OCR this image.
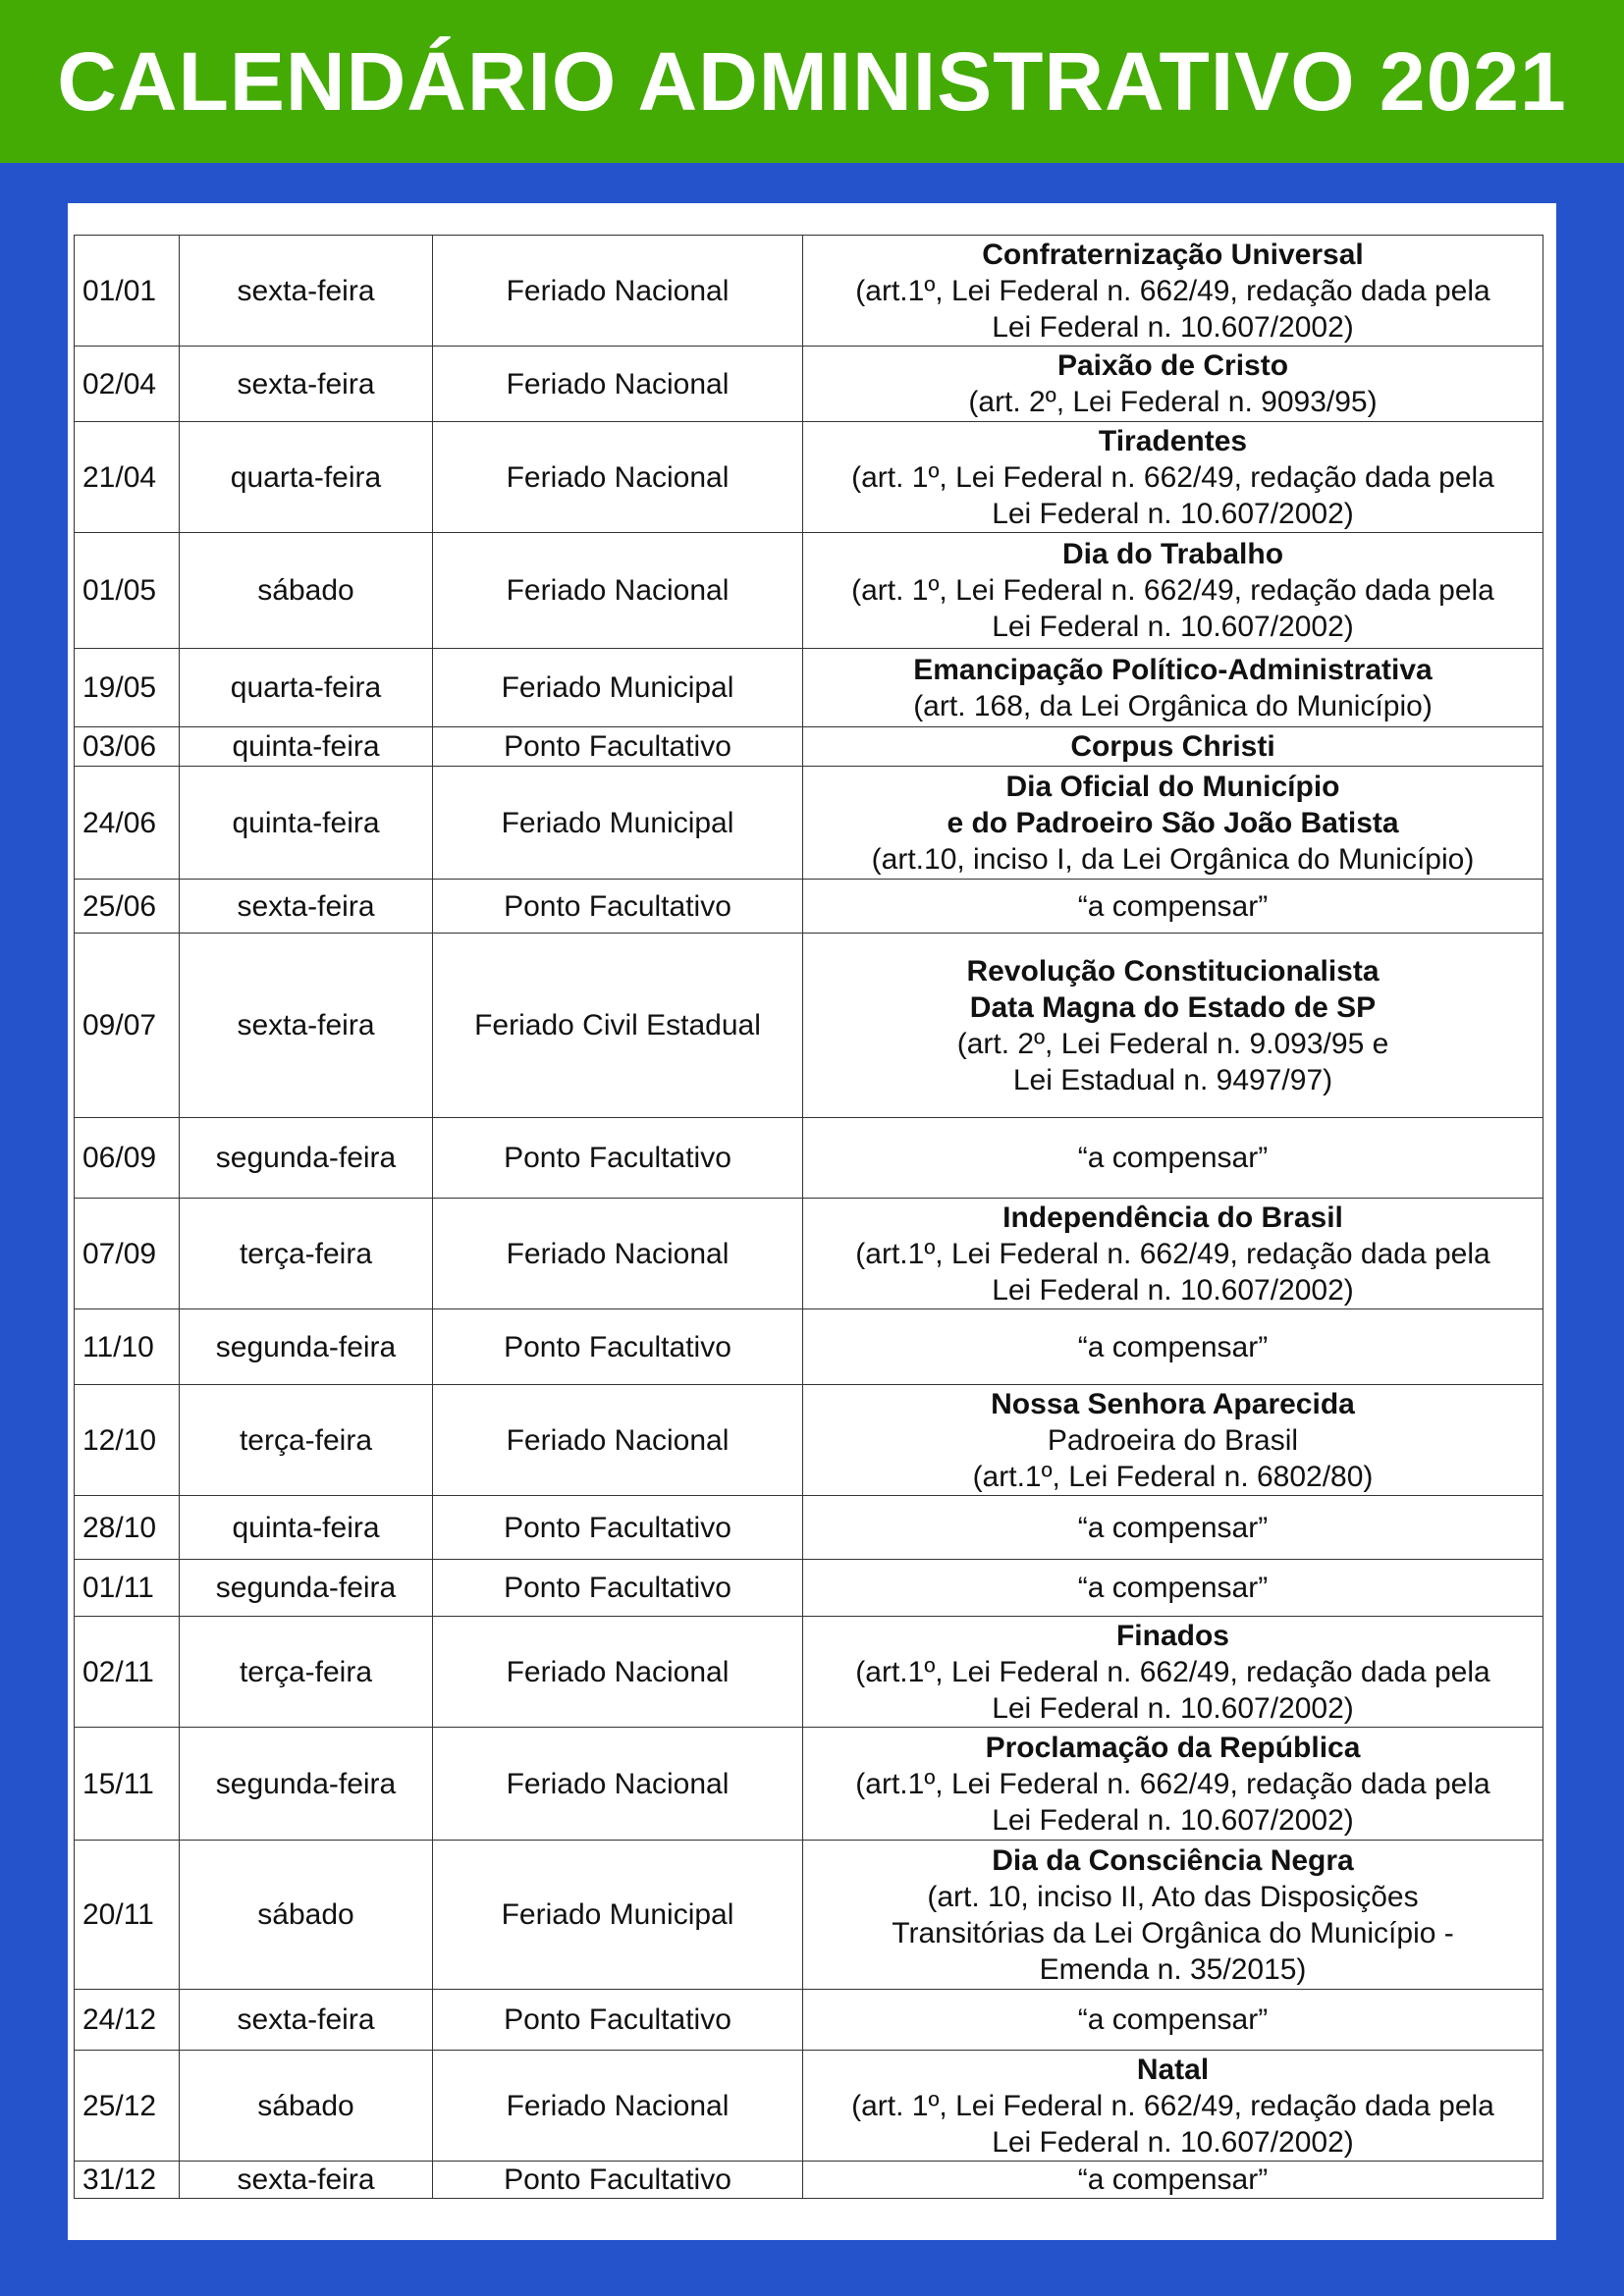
CALENDÁRIO ADMINISTRATIVO 2021
01/01	sexta-feira	Feriado Nacional	Confraternização Universal
(art.1º, Lei Federal n. 662/49, redação dada pela
Lei Federal n. 10.607/2002)

02/04	sexta-feira	Feriado Nacional	Paixão de Cristo
(art. 2º, Lei Federal n. 9093/95)

21/04	quarta-feira	Feriado Nacional	Tiradentes
(art. 1º, Lei Federal n. 662/49, redação dada pela
Lei Federal n. 10.607/2002)

01/05	sábado	Feriado Nacional	Dia do Trabalho
(art. 1º, Lei Federal n. 662/49, redação dada pela
Lei Federal n. 10.607/2002)

19/05	quarta-feira	Feriado Municipal	Emancipação Político-Administrativa
(art. 168, da Lei Orgânica do Município)

03/06	quinta-feira	Ponto Facultativo	Corpus Christi

24/06	quinta-feira	Feriado Municipal	Dia Oficial do Município
e do Padroeiro São João Batista
(art.10, inciso I, da Lei Orgânica do Município)

25/06	sexta-feira	Ponto Facultativo	“a compensar”

09/07	sexta-feira	Feriado Civil Estadual	Revolução Constitucionalista
Data Magna do Estado de SP
(art. 2º, Lei Federal n. 9.093/95 e
Lei Estadual n. 9497/97)

06/09	segunda-feira	Ponto Facultativo	“a compensar”

07/09	terça-feira	Feriado Nacional	Independência do Brasil
(art.1º, Lei Federal n. 662/49, redação dada pela
Lei Federal n. 10.607/2002)

11/10	segunda-feira	Ponto Facultativo	“a compensar”

12/10	terça-feira	Feriado Nacional	Nossa Senhora Aparecida
Padroeira do Brasil
(art.1º, Lei Federal n. 6802/80)

28/10	quinta-feira	Ponto Facultativo	“a compensar”

01/11	segunda-feira	Ponto Facultativo	“a compensar”

02/11	terça-feira	Feriado Nacional	Finados
(art.1º, Lei Federal n. 662/49, redação dada pela
Lei Federal n. 10.607/2002)

15/11	segunda-feira	Feriado Nacional	Proclamação da República
(art.1º, Lei Federal n. 662/49, redação dada pela
Lei Federal n. 10.607/2002)

20/11	sábado	Feriado Municipal	Dia da Consciência Negra
(art. 10, inciso II, Ato das Disposições
Transitórias da Lei Orgânica do Município -
Emenda n. 35/2015)

24/12	sexta-feira	Ponto Facultativo	“a compensar”

25/12	sábado	Feriado Nacional	Natal
(art. 1º, Lei Federal n. 662/49, redação dada pela
Lei Federal n. 10.607/2002)

31/12	sexta-feira	Ponto Facultativo	“a compensar”
